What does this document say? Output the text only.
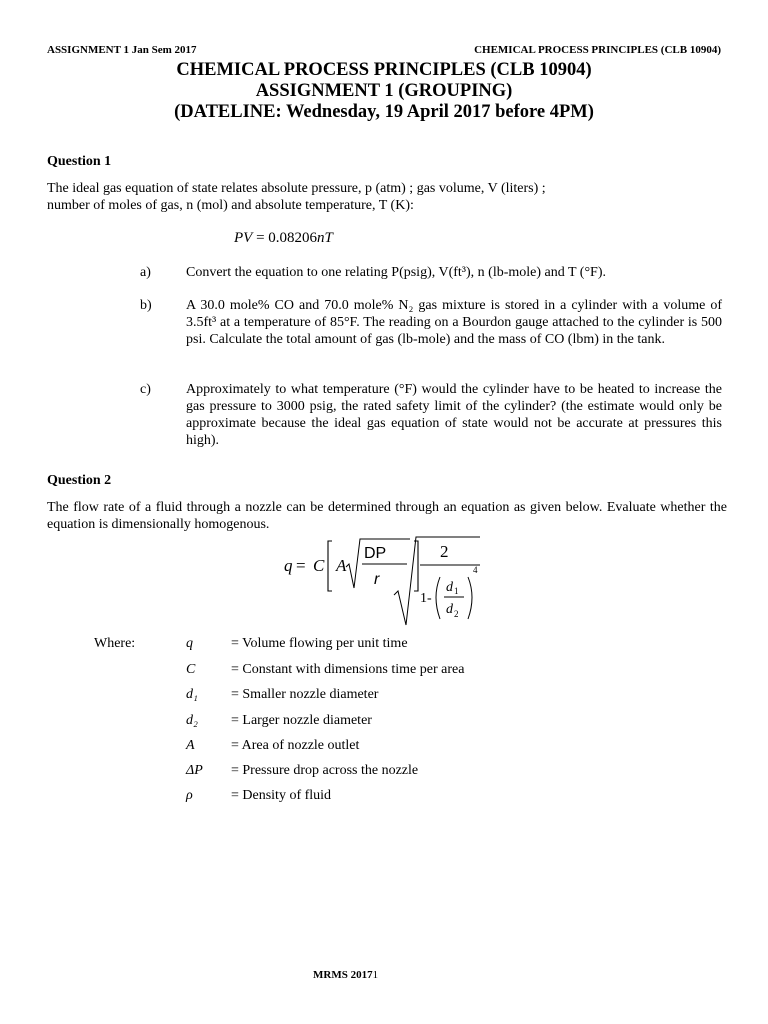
ASSIGNMENT 1 Jan Sem 2017	CHEMICAL PROCESS PRINCIPLES (CLB 10904)
CHEMICAL PROCESS PRINCIPLES (CLB 10904)
ASSIGNMENT 1 (GROUPING)
(DATELINE: Wednesday, 19 April 2017 before 4PM)
Question 1
The ideal gas equation of state relates absolute pressure, p (atm) ; gas volume, V (liters) ;
number of moles of gas, n (mol) and absolute temperature, T (K):
PV = 0.08206nT
a)	Convert the equation to one relating P(psig), V(ft³), n (lb-mole) and T (°F).
b) A 30.0 mole% CO and 70.0 mole% N₂ gas mixture is stored in a cylinder with a volume of 3.5ft³ at a temperature of 85°F. The reading on a Bourdon gauge attached to the cylinder is 500 psi. Calculate the total amount of gas (lb-mole) and the mass of CO (lbm) in the tank.
c)	Approximately to what temperature (°F) would the cylinder have to be heated to increase the gas pressure to 3000 psig, the rated safety limit of the cylinder? (the estimate would only be approximate because the ideal gas equation of state would not be accurate at pressures this high).
Question 2
The flow rate of a fluid through a nozzle can be determined through an equation as given below. Evaluate whether the equation is dimensionally homogenous.
q = C A
DP
r
2
1-
d 1
d 2
4
Where:	q	= Volume flowing per unit time
C	= Constant with dimensions time per area
d₁ = Smaller nozzle diameter
d₂ = Larger nozzle diameter
A	= Area of nozzle outlet
ΔP = Pressure drop across the nozzle
ρ	= Density of fluid
MRMS 20171
